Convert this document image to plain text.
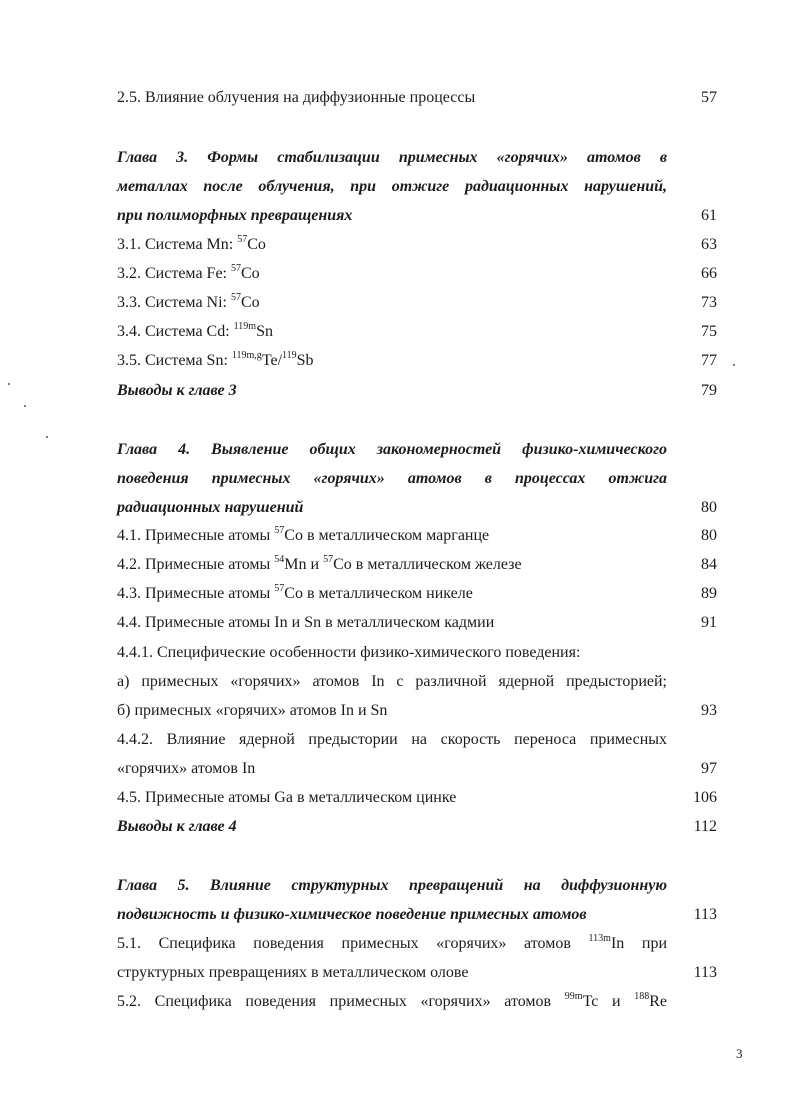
2.5. Влияние облучения на диффузионные процессы	57
Глава 3. Формы стабилизации примесных «горячих» атомов в
металлах после облучения, при отжиге радиационных нарушений,
при полиморфных превращениях	61
3.1. Система Mn: $^{57}$Co	63
3.2. Система Fe: $^{57}$Co	66
3.3. Система Ni: $^{57}$Co	73
3.4. Система Cd: $^{119m}$Sn	75
3.5. Система Sn: $^{119m,g}$Te/$^{119}$Sb	77
Выводы к главе 3	79
Глава 4. Выявление общих закономерностей физико-химического
поведения примесных «горячих» атомов в процессах отжига
радиационных нарушений	80
4.1. Примесные атомы $^{57}$Co в металлическом марганце	80
4.2. Примесные атомы $^{54}$Mn и $^{57}$Co в металлическом железе	84
4.3. Примесные атомы $^{57}$Co в металлическом никеле	89
4.4. Примесные атомы In и Sn в металлическом кадмии	91
4.4.1. Специфические особенности физико-химического поведения:
а) примесных «горячих» атомов In с различной ядерной предысторией;
б) примесных «горячих» атомов In и Sn	93
4.4.2. Влияние ядерной предыстории на скорость переноса примесных
«горячих» атомов In	97
4.5. Примесные атомы Ga в металлическом цинке	106
Выводы к главе 4	112
Глава 5. Влияние структурных превращений на диффузионную
подвижность и физико-химическое поведение примесных атомов	113
5.1. Специфика поведения примесных «горячих» атомов $^{113m}$In при
структурных превращениях в металлическом олове	113
5.2. Специфика поведения примесных «горячих» атомов $^{99m}$Tc и $^{188}$Re
3
